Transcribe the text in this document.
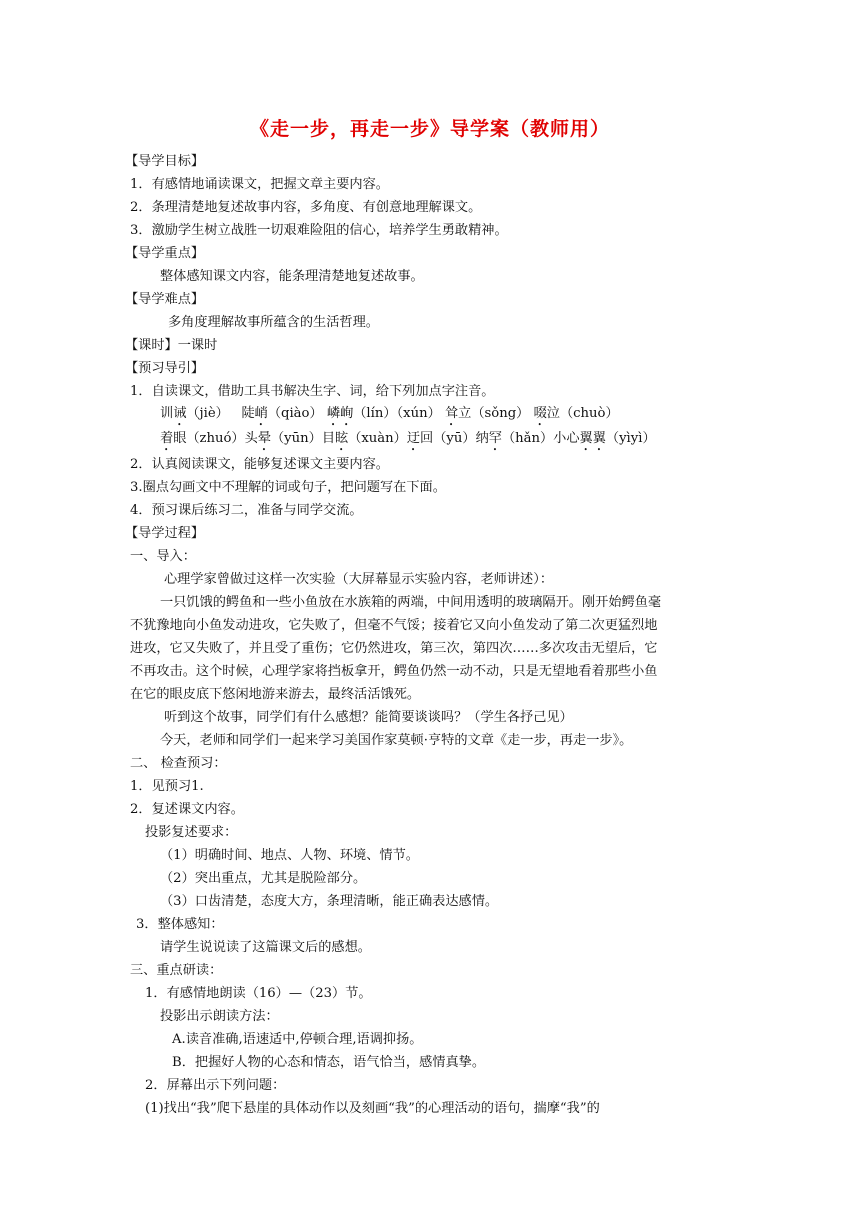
《走一步，再走一步》导学案（教师用）
【导学目标】
1．有感情地诵读课文，把握文章主要内容。
2．条理清楚地复述故事内容，多角度、有创意地理解课文。
3．激励学生树立战胜一切艰难险阻的信心，培养学生勇敢精神。
【导学重点】
整体感知课文内容，能条理清楚地复述故事。
【导学难点】
多角度理解故事所蕴含的生活哲理。
【课时】一课时
【预习导引】
1．自读课文，借助工具书解决生字、词，给下列加点字注音。
训诫（jiè） 陡峭（qiào） 嶙峋（lín）（xún） 耸立（sǒng） 啜泣（chuò）
着眼（zhuó）头晕（yūn）目眩（xuàn）迂回（yū）纳罕（hǎn）小心翼翼（yìyì）
2．认真阅读课文，能够复述课文主要内容。
3.圈点勾画文中不理解的词或句子，把问题写在下面。
4．预习课后练习二，准备与同学交流。
【导学过程】
一、导入：
心理学家曾做过这样一次实验（大屏幕显示实验内容，老师讲述）：
一只饥饿的鳄鱼和一些小鱼放在水族箱的两端，中间用透明的玻璃隔开。刚开始鳄鱼毫
不犹豫地向小鱼发动进攻，它失败了，但毫不气馁；接着它又向小鱼发动了第二次更猛烈地
进攻，它又失败了，并且受了重伤；它仍然进攻，第三次，第四次……多次攻击无望后，它
不再攻击。这个时候，心理学家将挡板拿开，鳄鱼仍然一动不动，只是无望地看着那些小鱼
在它的眼皮底下悠闲地游来游去，最终活活饿死。
听到这个故事，同学们有什么感想？能简要谈谈吗？（学生各抒己见）
今天，老师和同学们一起来学习美国作家莫顿·亨特的文章《走一步，再走一步》。
二、 检查预习：
1．见预习1.
2．复述课文内容。
投影复述要求：
（1）明确时间、地点、人物、环境、情节。
（2）突出重点，尤其是脱险部分。
（3）口齿清楚，态度大方，条理清晰，能正确表达感情。
3．整体感知：
请学生说说读了这篇课文后的感想。
三、重点研读：
1．有感情地朗读（16）—（23）节。
投影出示朗读方法：
A.读音准确,语速适中,停顿合理,语调抑扬。
B．把握好人物的心态和情态，语气恰当，感情真挚。
2．屏幕出示下列问题：
(1)找出“我”爬下悬崖的具体动作以及刻画“我”的心理活动的语句，揣摩“我”的
